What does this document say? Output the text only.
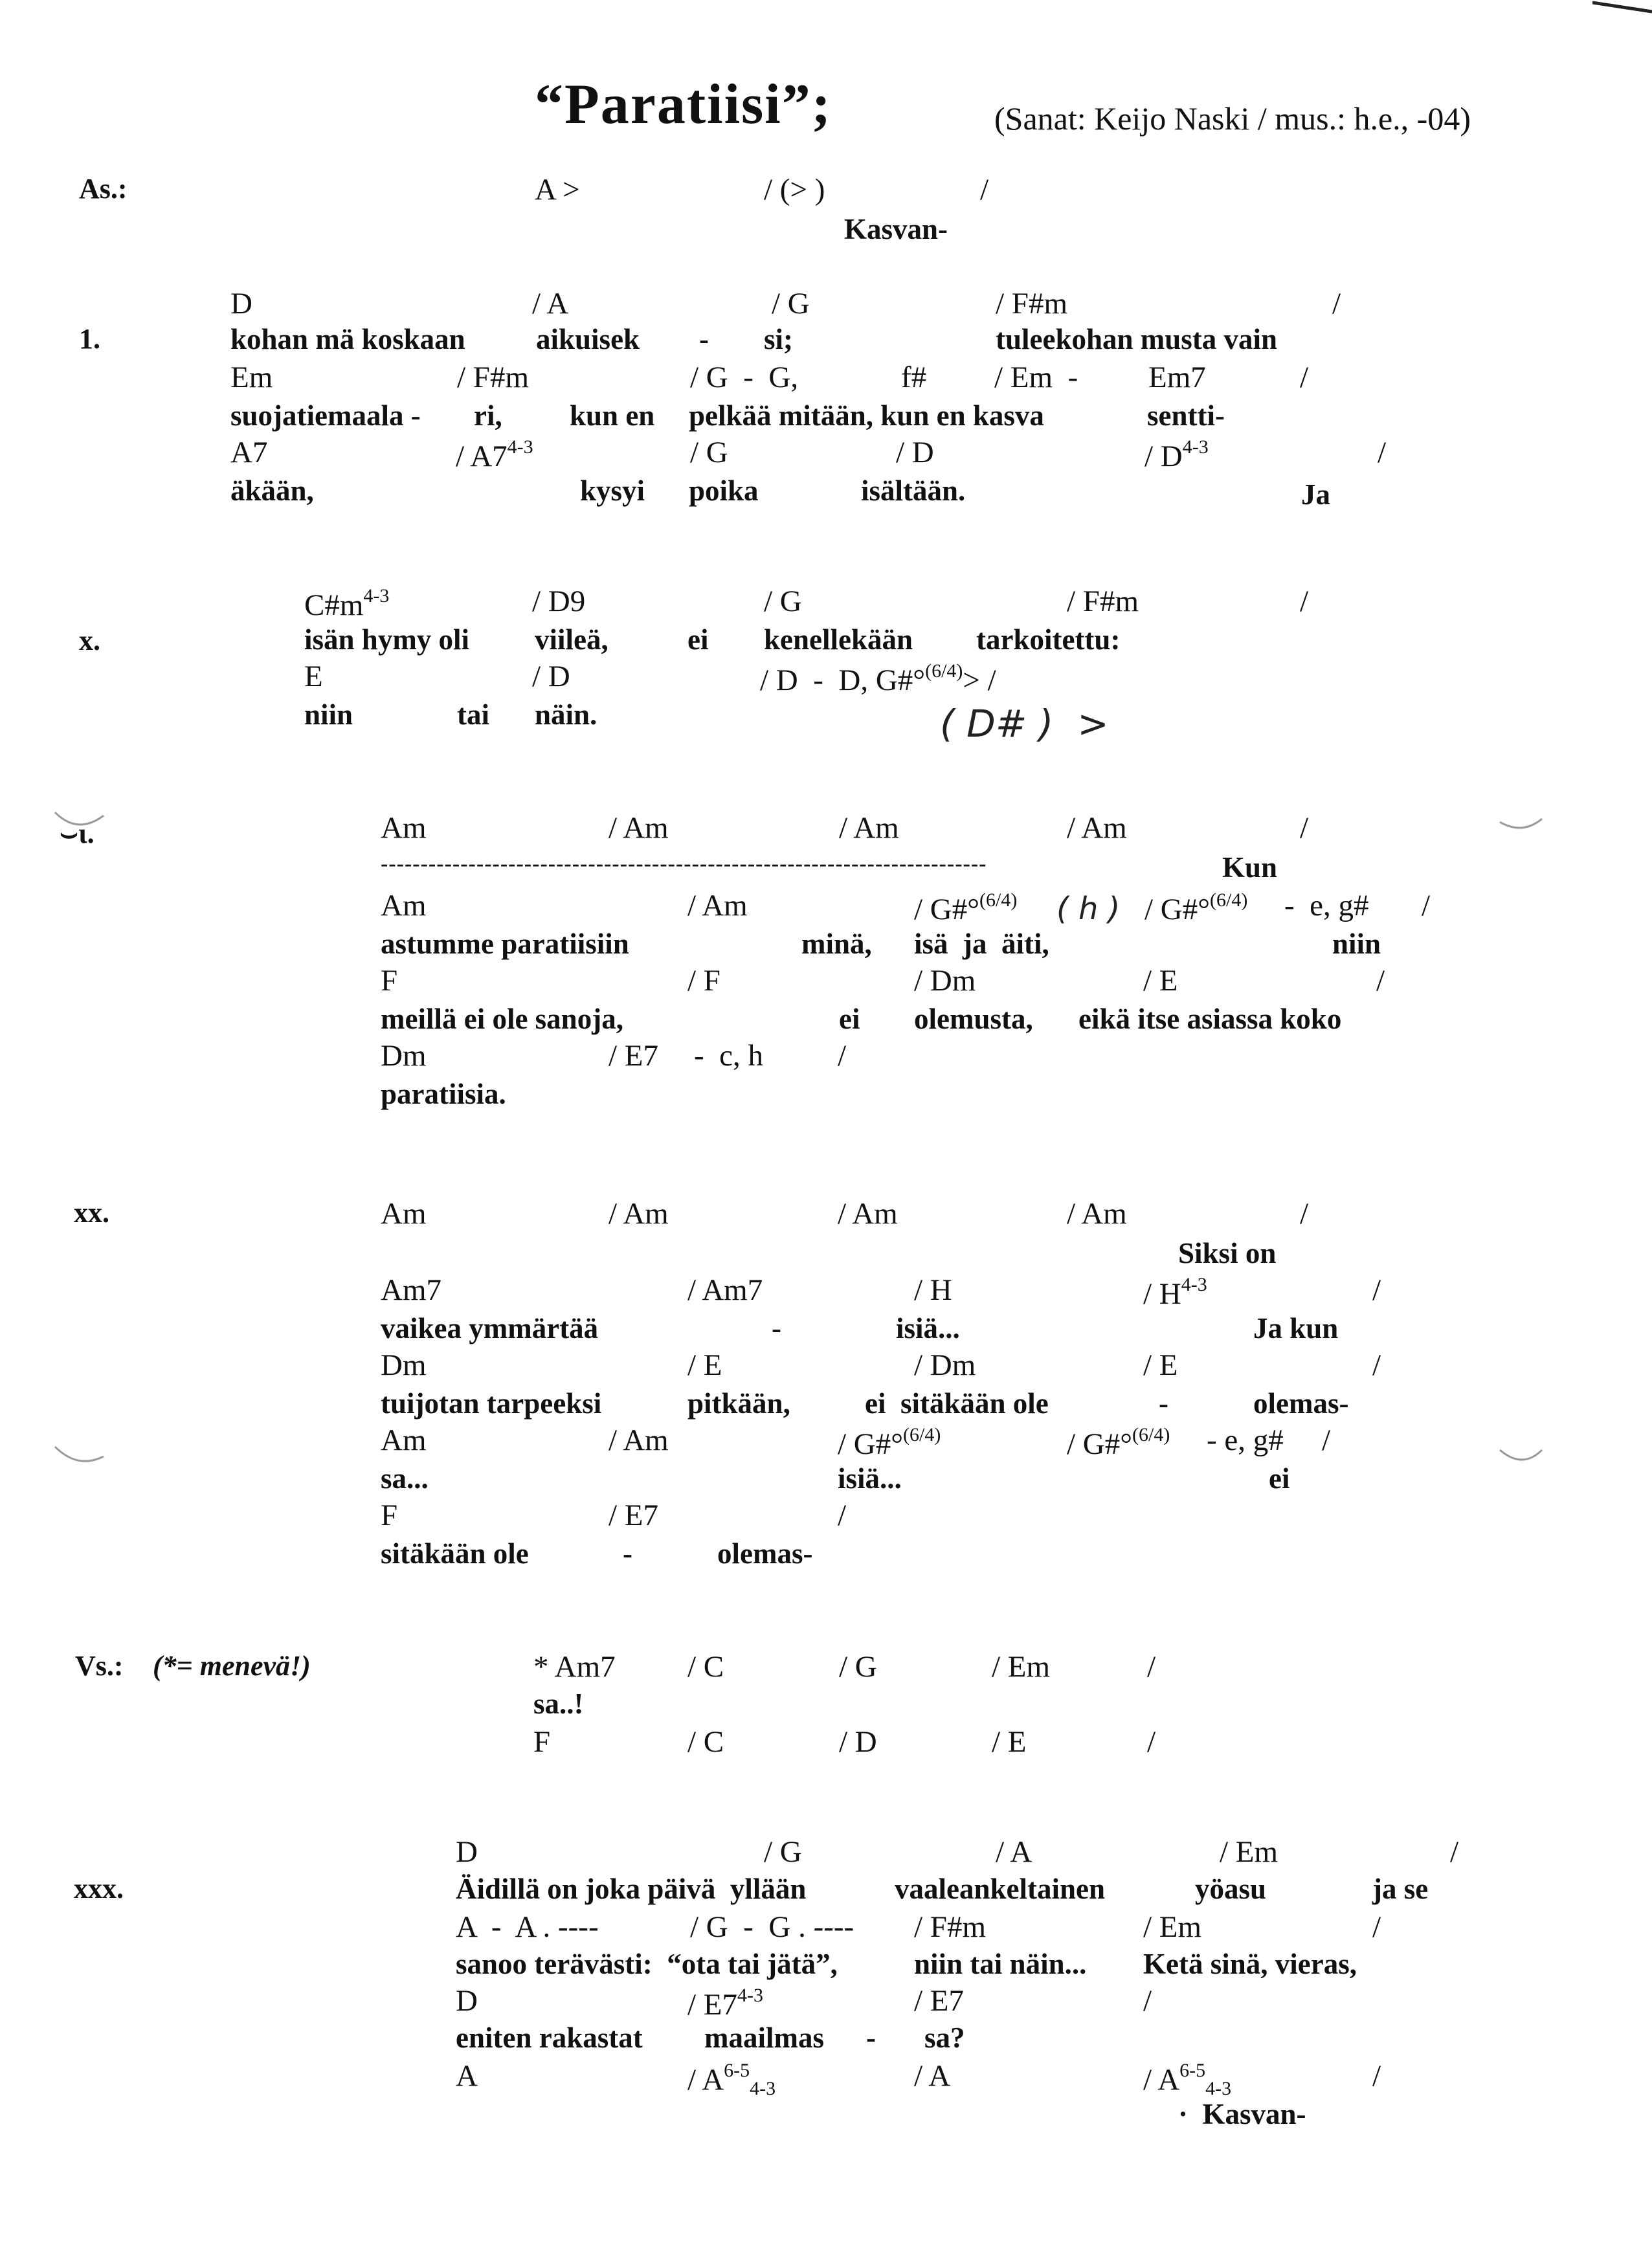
“Paratiisi”;	(Sanat: Keijo Naski / mus.: h.e., -04)
As.:	A >	/ (> )	/
Kasvan-
1.
D	/ A	/ G	/ F#m	/
kohan mä koskaan aikuisek - si;	tuleekohan musta vain
Em	/ F#m	/ G  -  G,	f# / Em  - Em7	/
suojatiemaala - ri, kun en pelkää mitään, kun en kasva	sentti-
A7	/ A7$^{4-3}$	/ G	/ D	/ $D^{4-3}$	/
äkään,	kysyi poika	isältään.	Ja
x.
$C\#m^{4-3}$	/ D9	/ G	/ F#m	/
isän hymy oli viileä,	ei kenellekään tarkoitettu:
E	/ D	/ D  -  D, G#°$^{(6/4)}$> /
niin	tai näin.	( D# )  >
⌣ɩ.	Am	/ Am	/ Am	/ Am	/
----------------------------------------------------------------------------	Kun
Am	/ Am	/ G#°$^{(6/4)}$ ( h ) / G#°$^{(6/4)}$ -  e, g# /
astumme paratiisiin	minä, isä  ja  äiti,	niin
F	/ F	/ Dm	/ E	/
meillä ei ole sanoja,	ei olemusta, eikä itse asiassa koko
Dm	/ E7 -  c, h /
paratiisia.
xx.	Am	/ Am	/ Am	/ Am	/
Siksi on
Am7	/ Am7	/ H	/ $H^{4-3}$	/
vaikea ymmärtää	-	isiä...	Ja kun
Dm	/ E	/ Dm	/ E	/
tuijotan tarpeeksi	pitkään,	ei  sitäkään ole	-	olemas-
Am	/ Am	/ G#°$^{(6/4)}$	/ G#°$^{(6/4)}$ - e, g# /
sa...	isiä...	ei
F	/ E7	/
sitäkään ole	-	olemas-
Vs.: (*= menevä!)	* Am7 / C	/ G	/ Em	/
sa..!
F	/ C	/ D	/ E	/
xxx.
D	/ G	/ A	/ Em	/
Äidillä on joka päivä  yllään	vaaleankeltainen	yöasu	ja se
A  -  A . ----	/ G  -  G . ---- / F#m	/ Em	/
sanoo terävästi:  “ota tai jätä”,	niin tai näin... Ketä sinä, vieras,
D	/ E7$^{4-3}$	/ E7	/
eniten rakastat maailmas - sa?
A	/ $A^{6-5}_{4-3}$	/ A	/ $A^{6-5}_{4-3}$	/
·  Kasvan-
